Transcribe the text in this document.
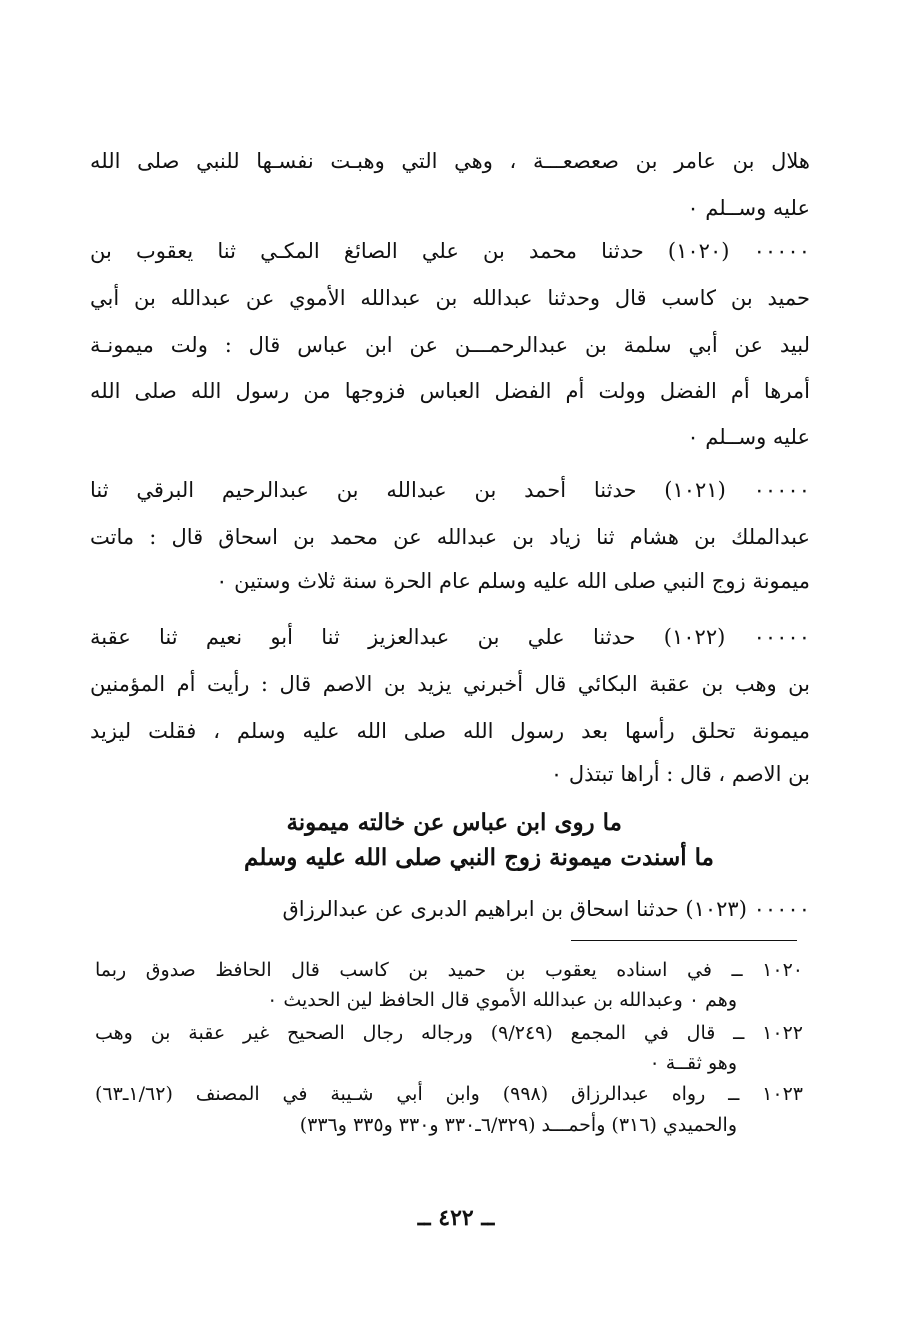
هلال بن عامر بن صعصعـــة ، وهي التي وهبـت نفسـها للنبي صلى الله
عليه وســلم ٠
٠٠٠٠٠ (١٠٢٠) حدثنا محمد بن علي الصائغ المكـي ثنا يعقوب بن
حميد بن كاسب قال وحدثنا عبدالله بن عبدالله الأموي عن عبدالله بن أبي
لبيد عن أبي سلمة بن عبدالرحمـــن عن ابن عباس قال : ولت ميمونـة
أمرها أم الفضل وولت أم الفضل العباس فزوجها من رسول الله صلى الله
عليه وســلم ٠
٠٠٠٠٠ (١٠٢١) حدثنا أحمد بن عبدالله بن عبدالرحيم البرقي ثنا
عبدالملك بن هشام ثنا زياد بن عبدالله عن محمد بن اسحاق قال : ماتت
ميمونة زوج النبي صلى الله عليه وسلم عام الحرة سنة ثلاث وستين ٠
٠٠٠٠٠ (١٠٢٢) حدثنا علي بن عبدالعزيز ثنا أبو نعيم ثنا عقبة
بن وهب بن عقبة البكائي قال أخبرني يزيد بن الاصم قال : رأيت أم المؤمنين
ميمونة تحلق رأسها بعد رسول الله صلى الله عليه وسلم ، فقلت ليزيد
بن الاصم ، قال : أراها تبتذل ٠
ما روى ابن عباس عن خالته ميمونة
ما أسندت ميمونة زوج النبي صلى الله عليه وسلم
٠٠٠٠٠ (١٠٢٣) حدثنا اسحاق بن ابراهيم الدبرى عن عبدالرزاق
١٠٢٠ ــ في اسناده يعقوب بن حميد بن كاسب قال الحافظ صدوق ربما
وهم ٠ وعبدالله بن عبدالله الأموي قال الحافظ لين الحديث ٠
١٠٢٢ ــ قال في المجمع (٩/٢٤٩) ورجاله رجال الصحيح غير عقبة بن وهب
وهو ثقــة ٠
١٠٢٣ ــ رواه عبدالرزاق (٩٩٨) وابن أبي شـيبة في المصنف (١/٦٢ـ٦٣)
والحميدي (٣١٦) وأحمـــد (٦/٣٢٩ـ٣٣٠ و٣٣٠ و٣٣٥ و٣٣٦)
ــ ٤٢٢ ــ
